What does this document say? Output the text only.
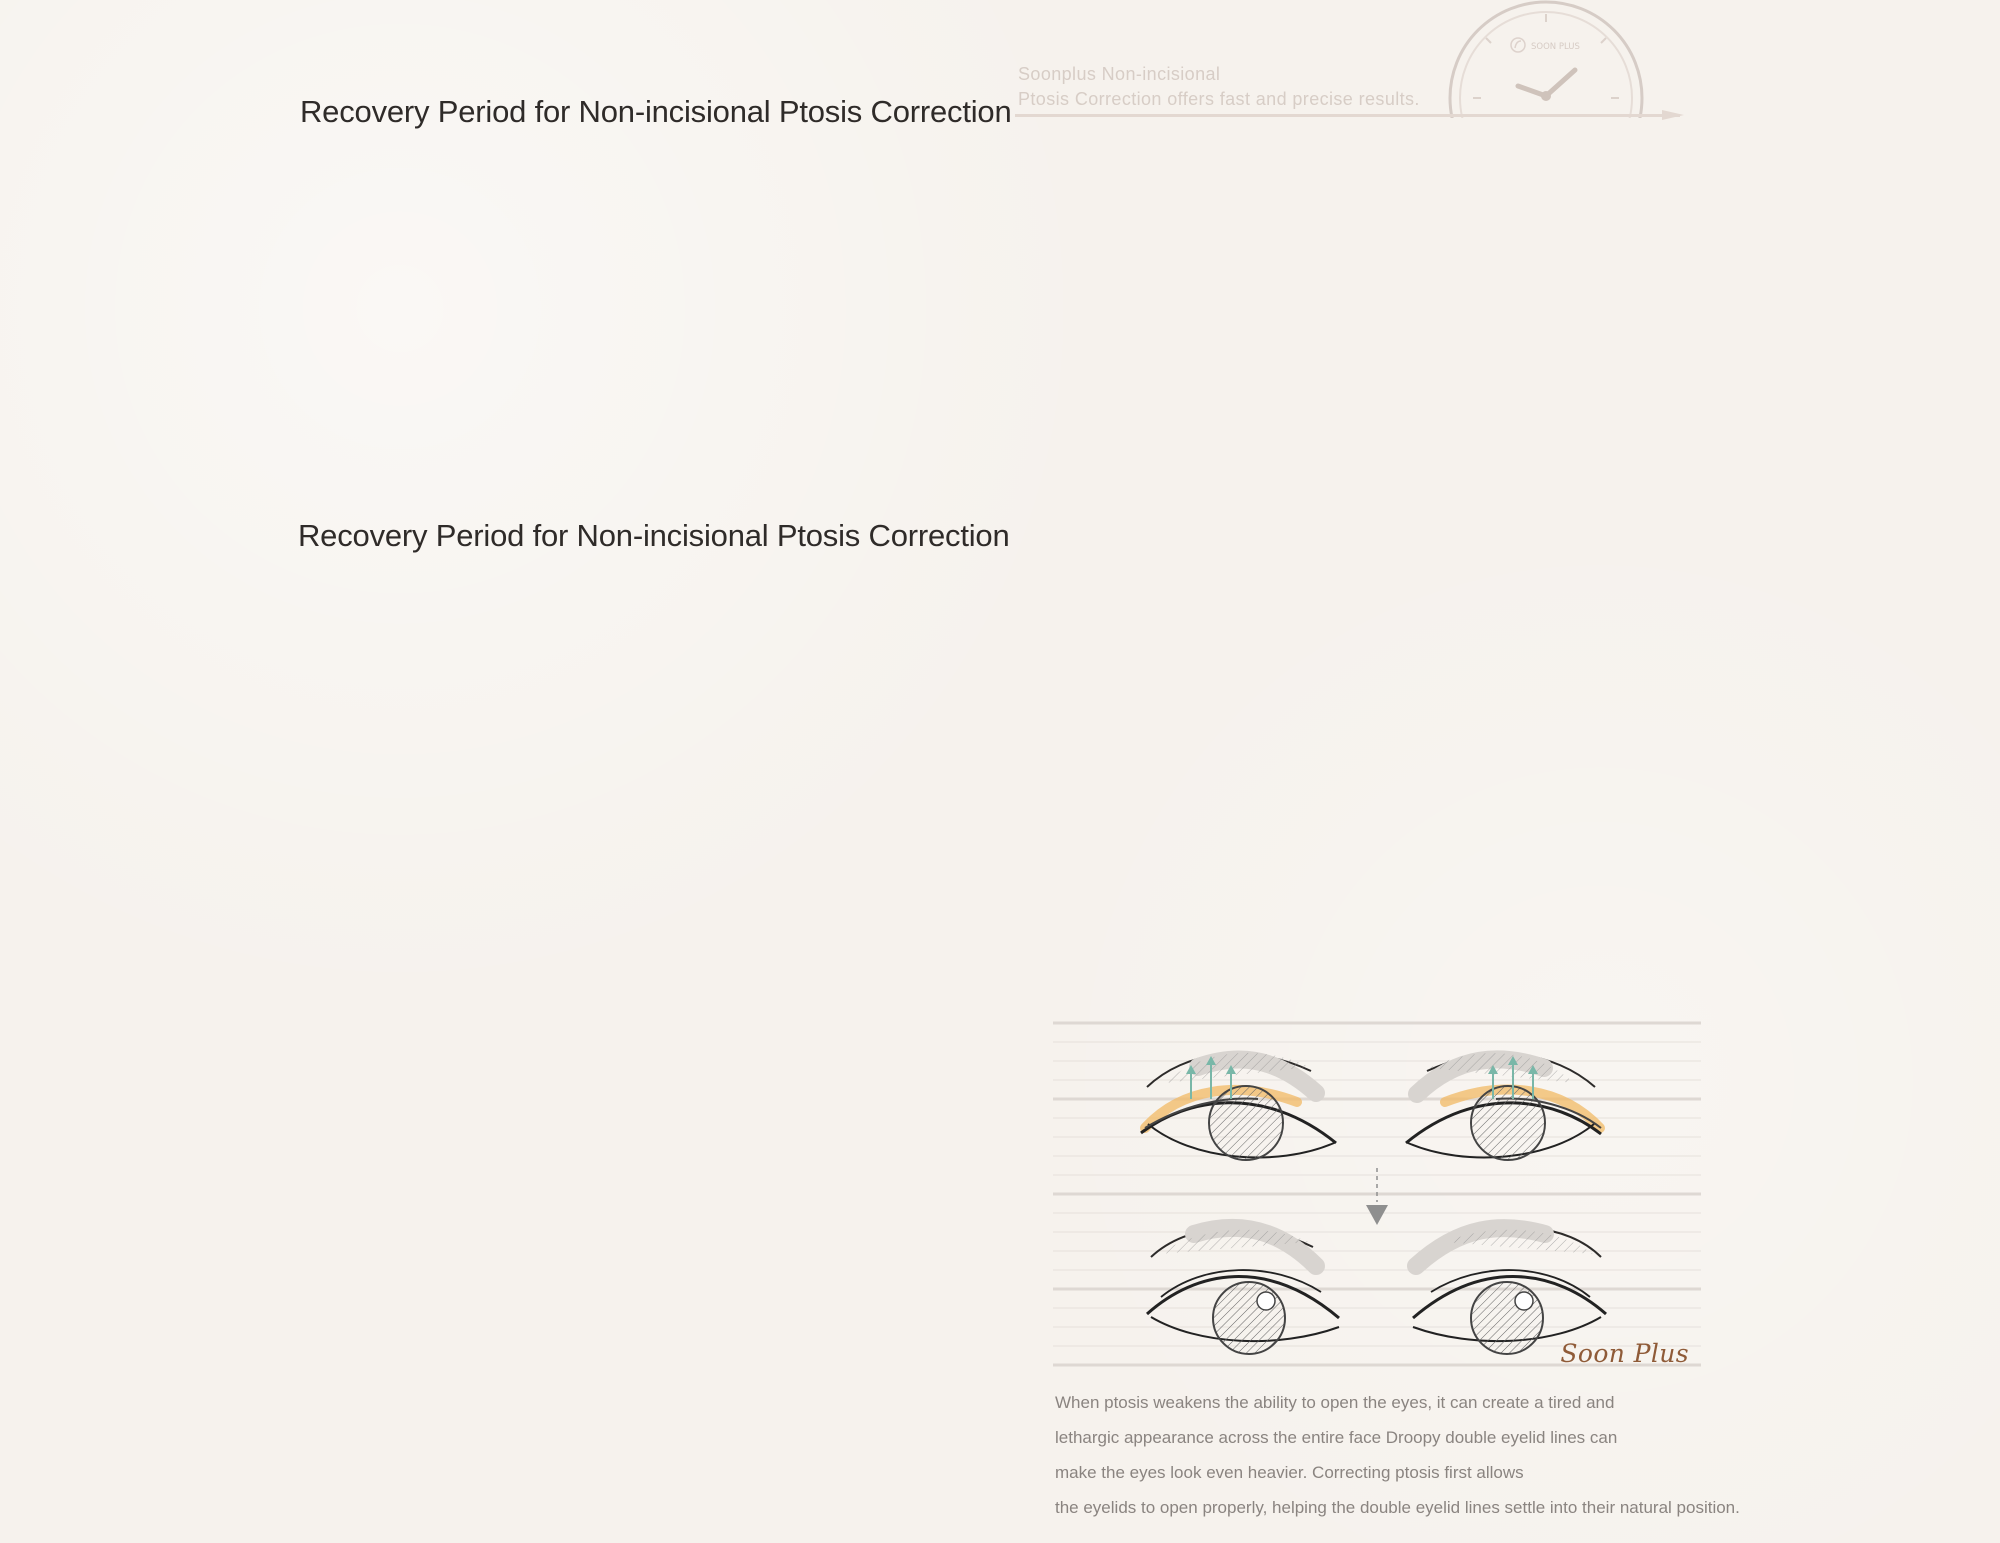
Recovery Period for Non-incisional Ptosis Correction
SOON PLUS
Soonplus Non-incisional
Ptosis Correction offers fast and precise results.
Recovery Period for Non-incisional Ptosis Correction
Soon Plus
When ptosis weakens the ability to open the eyes, it can create a tired and
lethargic appearance across the entire face Droopy double eyelid lines can
make the eyes look even heavier. Correcting ptosis first allows
the eyelids to open properly, helping the double eyelid lines settle into their natural position.
